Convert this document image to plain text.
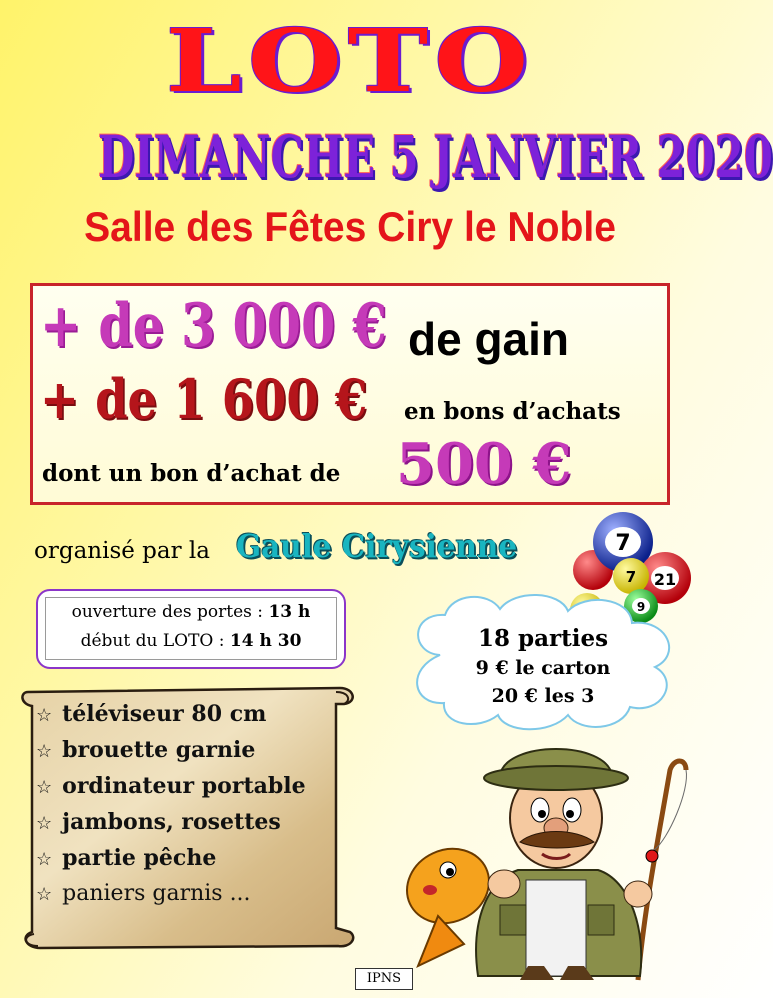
LOTO
DIMANCHE 5 JANVIER 2020
Salle des Fêtes Ciry le Noble
+ de 3 000 € de gain
+ de 1 600 € en bons d’achats
dont un bon d’achat de 500 €
organisé par la Gaule Cirysienne	7
21
7
9
ouverture des portes : 13 h
début du LOTO : 14 h 30	18 parties
9 € le carton
20 € les 3
☆ téléviseur 80 cm
☆ brouette garnie
☆ ordinateur portable
☆ jambons, rosettes
☆ partie pêche
☆ paniers garnis ...
IPNS
